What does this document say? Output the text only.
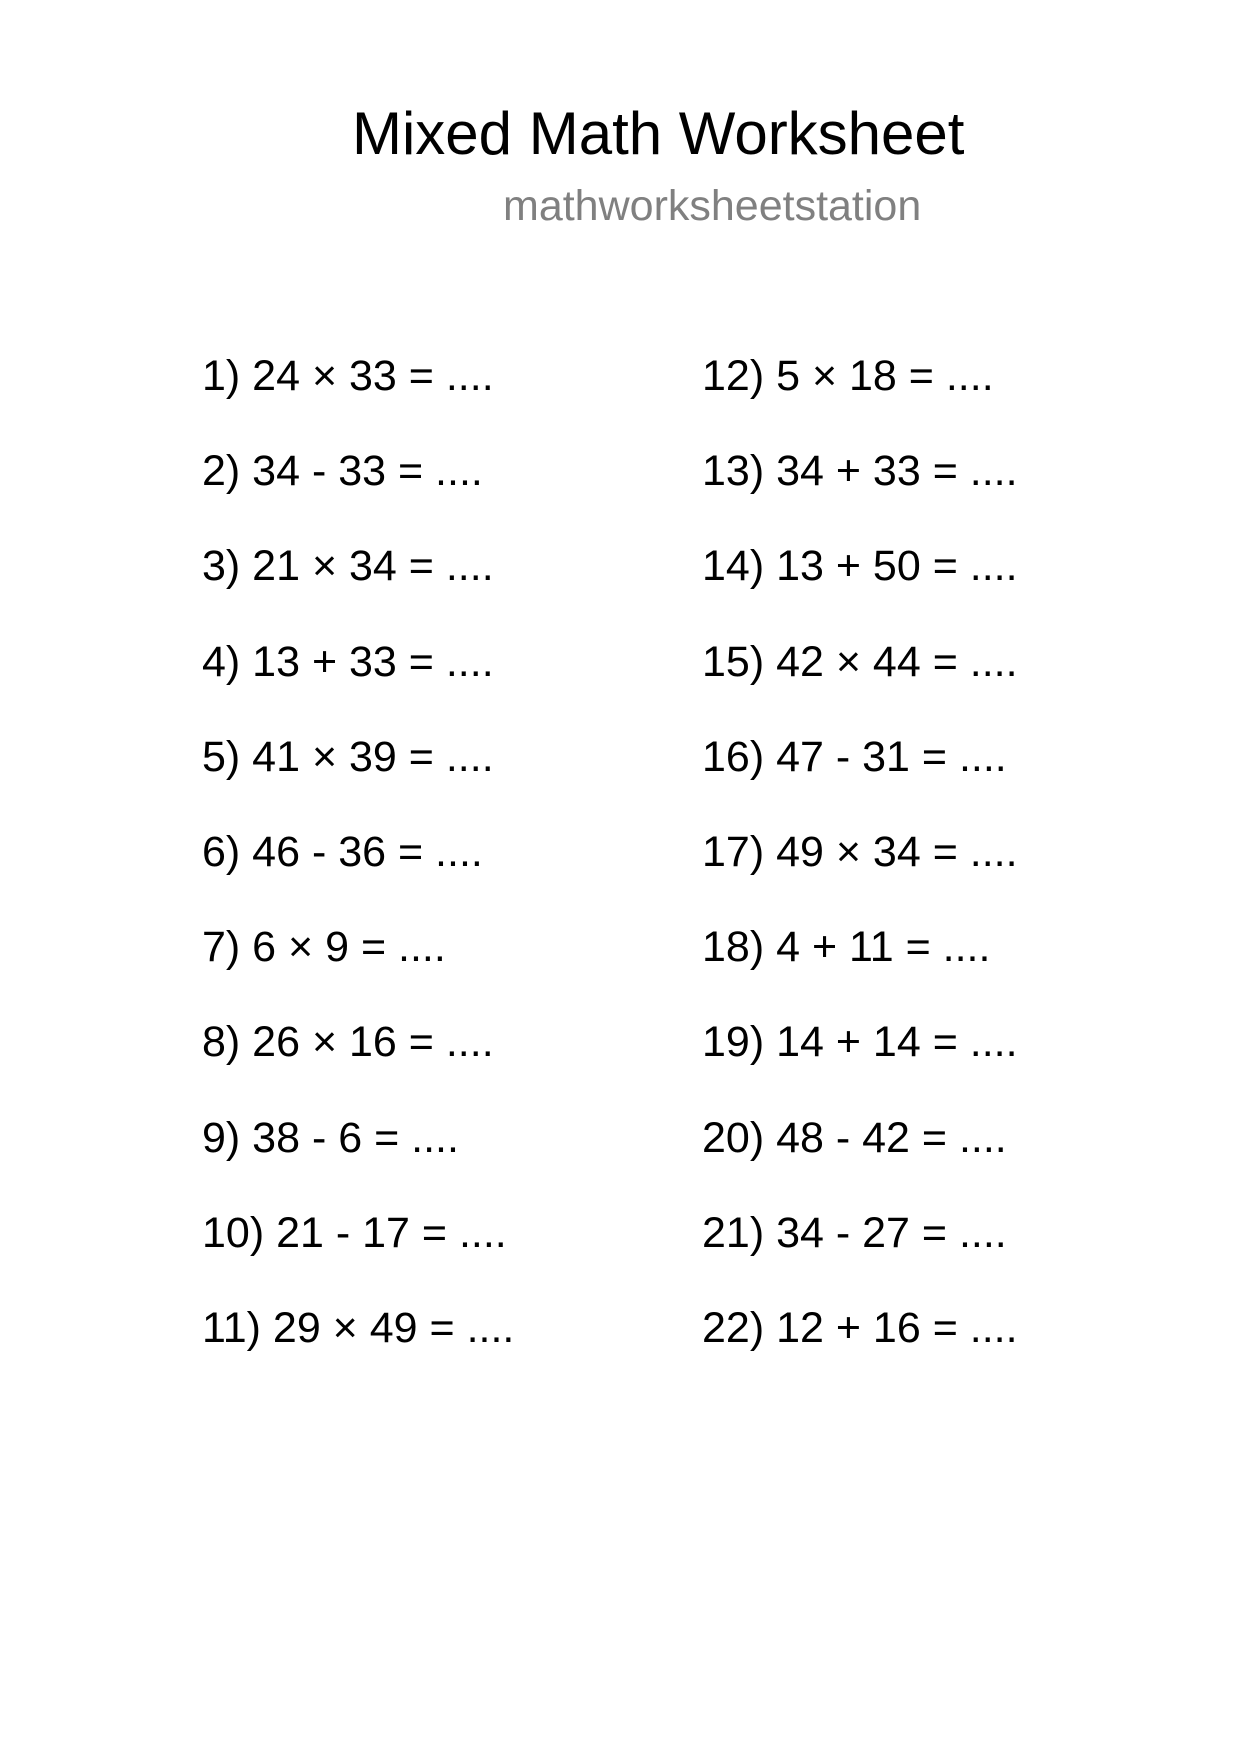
Mixed Math Worksheet
mathworksheetstation
1) 24 × 33 = ....
2) 34 - 33 = ....
3) 21 × 34 = ....
4) 13 + 33 = ....
5) 41 × 39 = ....
6) 46 - 36 = ....
7) 6 × 9 = ....
8) 26 × 16 = ....
9) 38 - 6 = ....
10) 21 - 17 = ....
11) 29 × 49 = ....
12) 5 × 18 = ....
13) 34 + 33 = ....
14) 13 + 50 = ....
15) 42 × 44 = ....
16) 47 - 31 = ....
17) 49 × 34 = ....
18) 4 + 11 = ....
19) 14 + 14 = ....
20) 48 - 42 = ....
21) 34 - 27 = ....
22) 12 + 16 = ....
